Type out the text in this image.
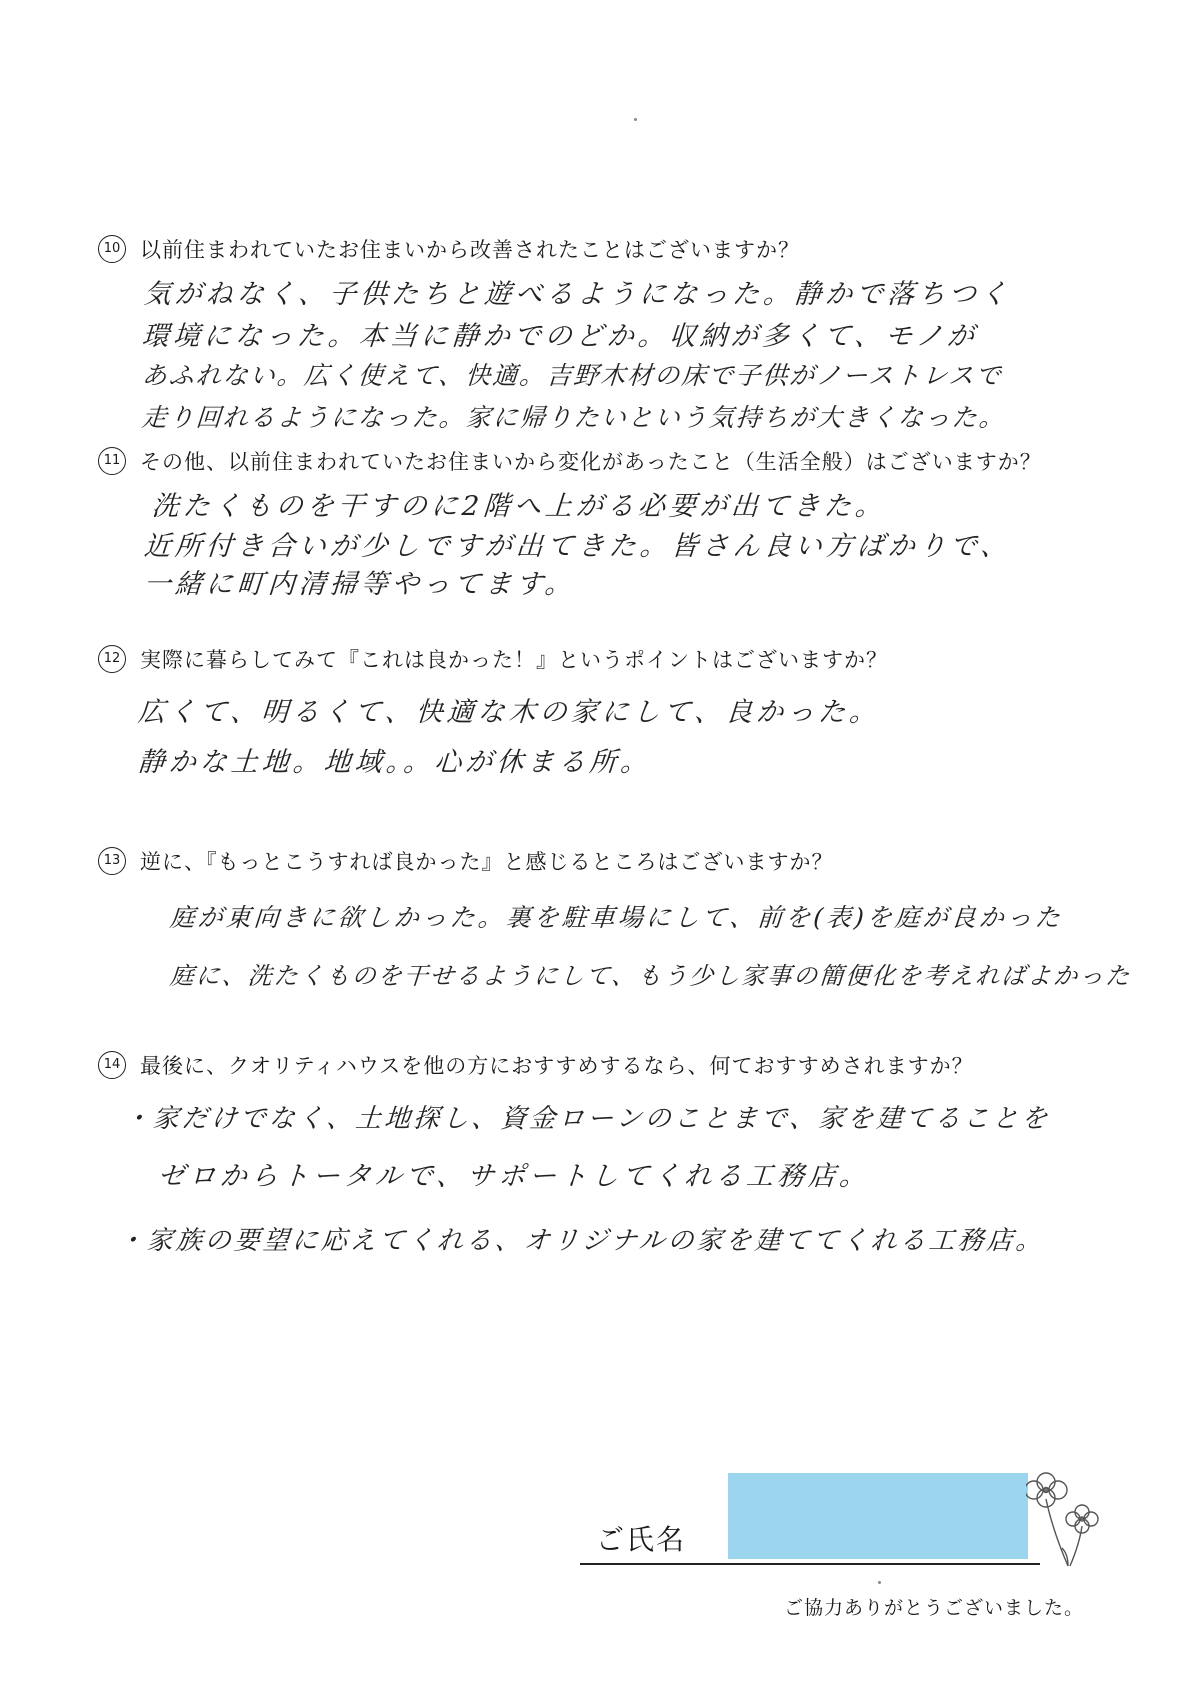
10 以前住まわれていたお住まいから改善されたことはございますか？
気がねなく、子供たちと遊べるようになった。静かで落ちつく
環境になった。本当に静かでのどか。収納が多くて、モノが
あふれない。広く使えて、快適。吉野木材の床で子供がノーストレスで
走り回れるようになった。家に帰りたいという気持ちが大きくなった。
11 その他、以前住まわれていたお住まいから変化があったこと（生活全般）はございますか？
洗たくものを干すのに2階へ上がる必要が出てきた。
近所付き合いが少しですが出てきた。皆さん良い方ばかりで、
一緒に町内清掃等やってます。
12 実際に暮らしてみて『これは良かった！』というポイントはございますか？
広くて、明るくて、快適な木の家にして、良かった。
静かな土地。地域。。心が休まる所。
13 逆に、『もっとこうすれば良かった』と感じるところはございますか？
庭が東向きに欲しかった。裏を駐車場にして、前を(表)を庭が良かった
庭に、洗たくものを干せるようにして、もう少し家事の簡便化を考えればよかった
14 最後に、クオリティハウスを他の方におすすめするなら、何ておすすめされますか？
・家だけでなく、土地探し、資金ローンのことまで、家を建てることを
ゼロからトータルで、サポートしてくれる工務店。
・家族の要望に応えてくれる、オリジナルの家を建ててくれる工務店。
ご氏名
ご協力ありがとうございました。
